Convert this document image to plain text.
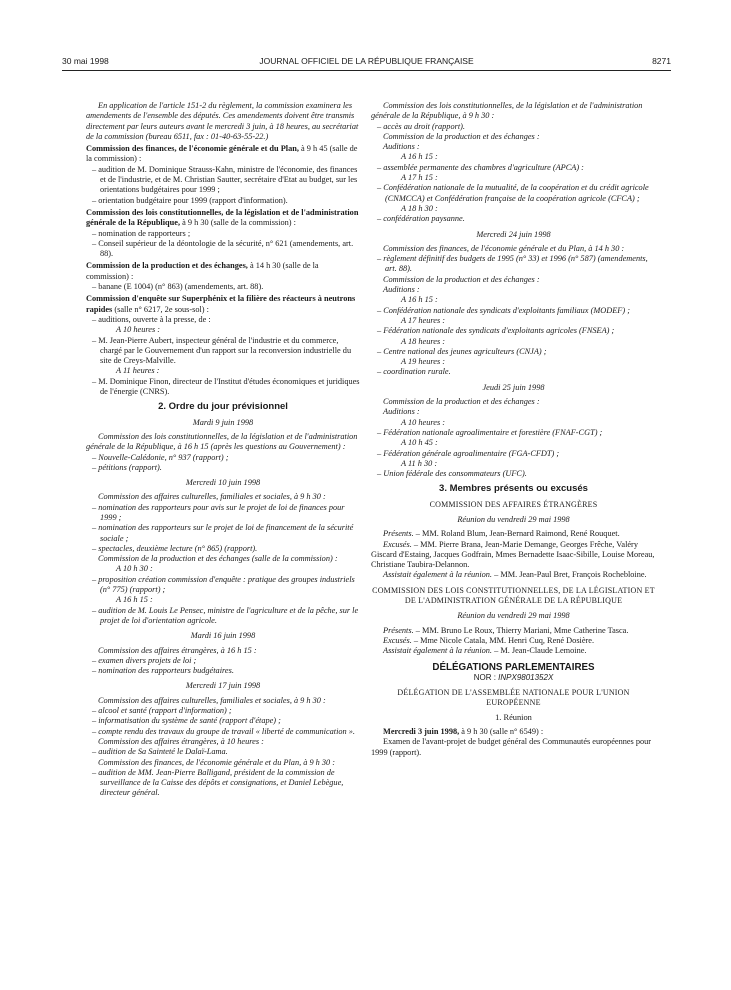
30 mai 1998	JOURNAL OFFICIEL DE LA RÉPUBLIQUE FRANÇAISE	8271

En application de l'article 151-2 du règlement, la commission examinera les amendements de l'ensemble des députés. Ces amendements doivent être transmis directement par leurs auteurs avant le mercredi 3 juin, à 18 heures, au secrétariat de la commission (bureau 6511, fax : 01-40-63-55-22.)

Commission des finances, de l'économie générale et du Plan, à 9 h 45 (salle de la commission) :

– audition de M. Dominique Strauss-Kahn, ministre de l'économie, des finances et de l'industrie, et de M. Christian Sautter, secrétaire d'Etat au budget, sur les orientations budgétaires pour 1999 ;

– orientation budgétaire pour 1999 (rapport d'information).

Commission des lois constitutionnelles, de la législation et de l'administration générale de la République, à 9 h 30 (salle de la commission) :

– nomination de rapporteurs ;

– Conseil supérieur de la déontologie de la sécurité, n° 621 (amendements, art. 88).

Commission de la production et des échanges, à 14 h 30 (salle de la commission) :

– banane (E 1004) (n° 863) (amendements, art. 88).

Commission d'enquête sur Superphénix et la filière des réacteurs à neutrons rapides (salle n° 6217, 2e sous-sol) :

– auditions, ouverte à la presse, de :

A 10 heures :

– M. Jean-Pierre Aubert, inspecteur général de l'industrie et du commerce, chargé par le Gouvernement d'un rapport sur la reconversion industrielle du site de Creys-Malville.

A 11 heures :

– M. Dominique Finon, directeur de l'Institut d'études économiques et juridiques de l'énergie (CNRS).

2. Ordre du jour prévisionnel

Mardi 9 juin 1998

Commission des lois constitutionnelles, de la législation et de l'administration générale de la République, à 16 h 15 (après les questions au Gouvernement) :

– Nouvelle-Calédonie, n° 937 (rapport) ;

– pétitions (rapport).

Mercredi 10 juin 1998

Commission des affaires culturelles, familiales et sociales, à 9 h 30 :

– nomination des rapporteurs pour avis sur le projet de loi de finances pour 1999 ;

– nomination des rapporteurs sur le projet de loi de financement de la sécurité sociale ;

– spectacles, deuxième lecture (n° 865) (rapport).

Commission de la production et des échanges (salle de la commission) :

A 10 h 30 :

– proposition création commission d'enquête : pratique des groupes industriels (n° 775) (rapport) ;

A 16 h 15 :

– audition de M. Louis Le Pensec, ministre de l'agriculture et de la pêche, sur le projet de loi d'orientation agricole.

Mardi 16 juin 1998

Commission des affaires étrangères, à 16 h 15 :

– examen divers projets de loi ;

– nomination des rapporteurs budgétaires.

Mercredi 17 juin 1998

Commission des affaires culturelles, familiales et sociales, à 9 h 30 :

– alcool et santé (rapport d'information) ;

– informatisation du système de santé (rapport d'étape) ;

– compte rendu des travaux du groupe de travail « liberté de communication ».

Commission des affaires étrangères, à 10 heures :

– audition de Sa Sainteté le Dalaï-Lama.

Commission des finances, de l'économie générale et du Plan, à 9 h 30 :

– audition de MM. Jean-Pierre Balligand, président de la commission de surveillance de la Caisse des dépôts et consignations, et Daniel Lebègue, directeur général.

Commission des lois constitutionnelles, de la législation et de l'administration générale de la République, à 9 h 30 :

– accès au droit (rapport).

Commission de la production et des échanges :

Auditions :

A 16 h 15 :

– assemblée permanente des chambres d'agriculture (APCA) :

A 17 h 15 :

– Confédération nationale de la mutualité, de la coopération et du crédit agricole (CNMCCA) et Confédération française de la coopération agricole (CFCA) ;

A 18 h 30 :

– confédération paysanne.

Mercredi 24 juin 1998

Commission des finances, de l'économie générale et du Plan, à 14 h 30 :

– règlement définitif des budgets de 1995 (n° 33) et 1996 (n° 587) (amendements, art. 88).

Commission de la production et des échanges :

Auditions :

A 16 h 15 :

– Confédération nationale des syndicats d'exploitants familiaux (MODEF) ;

A 17 heures :

– Fédération nationale des syndicats d'exploitants agricoles (FNSEA) ;

A 18 heures :

– Centre national des jeunes agriculteurs (CNJA) ;

A 19 heures :

– coordination rurale.

Jeudi 25 juin 1998

Commission de la production et des échanges :

Auditions :

A 10 heures :

– Fédération nationale agroalimentaire et forestière (FNAF-CGT) ;

A 10 h 45 :

– Fédération générale agroalimentaire (FGA-CFDT) ;

A 11 h 30 :

– Union fédérale des consommateurs (UFC).

3. Membres présents ou excusés

COMMISSION DES AFFAIRES ÉTRANGÈRES

Réunion du vendredi 29 mai 1998

Présents. – MM. Roland Blum, Jean-Bernard Raimond, René Rouquet.

Excusés. – MM. Pierre Brana, Jean-Marie Demange, Georges Frêche, Valéry Giscard d'Estaing, Jacques Godfrain, Mmes Bernadette Isaac-Sibille, Louise Moreau, Christiane Taubira-Delannon.

Assistait également à la réunion. – MM. Jean-Paul Bret, François Rochebloine.

COMMISSION DES LOIS CONSTITUTIONNELLES, DE LA LÉGISLATION ET DE L'ADMINISTRATION GÉNÉRALE DE LA RÉPUBLIQUE

Réunion du vendredi 29 mai 1998

Présents. – MM. Bruno Le Roux, Thierry Mariani, Mme Catherine Tasca.

Excusés. – Mme Nicole Catala, MM. Henri Cuq, René Dosière.

Assistait également à la réunion. – M. Jean-Claude Lemoine.

DÉLÉGATIONS PARLEMENTAIRES

NOR : INPX9801352X

DÉLÉGATION DE L'ASSEMBLÉE NATIONALE POUR L'UNION EUROPÉENNE

1. Réunion

Mercredi 3 juin 1998, à 9 h 30 (salle n° 6549) :

Examen de l'avant-projet de budget général des Communautés européennes pour 1999 (rapport).
